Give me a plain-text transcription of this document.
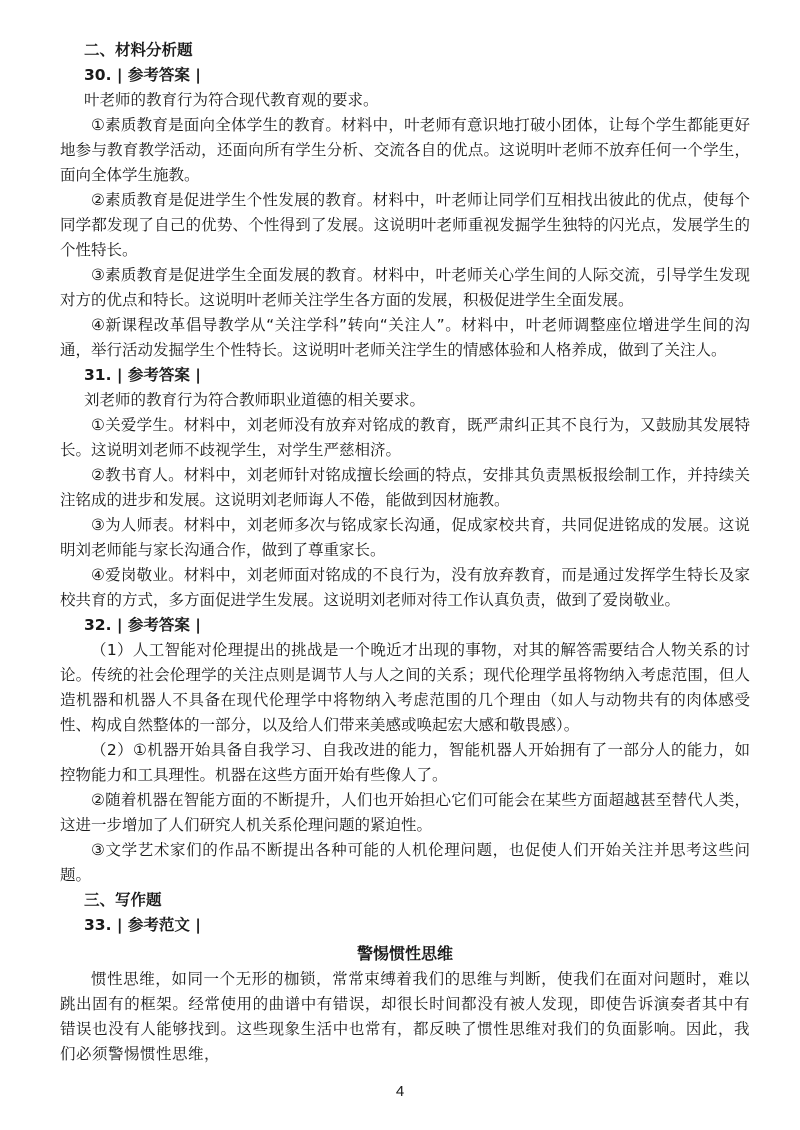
二、材料分析题

30. | 参考答案 |

叶老师的教育行为符合现代教育观的要求。

①素质教育是面向全体学生的教育。材料中，叶老师有意识地打破小团体，让每个学生都能更好地参与教育教学活动，还面向所有学生分析、交流各自的优点。这说明叶老师不放弃任何一个学生，面向全体学生施教。

②素质教育是促进学生个性发展的教育。材料中，叶老师让同学们互相找出彼此的优点，使每个同学都发现了自己的优势、个性得到了发展。这说明叶老师重视发掘学生独特的闪光点，发展学生的个性特长。

③素质教育是促进学生全面发展的教育。材料中，叶老师关心学生间的人际交流，引导学生发现对方的优点和特长。这说明叶老师关注学生各方面的发展，积极促进学生全面发展。

④新课程改革倡导教学从“关注学科”转向“关注人”。材料中，叶老师调整座位增进学生间的沟通，举行活动发掘学生个性特长。这说明叶老师关注学生的情感体验和人格养成，做到了关注人。

31. | 参考答案 |

刘老师的教育行为符合教师职业道德的相关要求。

①关爱学生。材料中，刘老师没有放弃对铭成的教育，既严肃纠正其不良行为，又鼓励其发展特长。这说明刘老师不歧视学生，对学生严慈相济。

②教书育人。材料中，刘老师针对铭成擅长绘画的特点，安排其负责黑板报绘制工作，并持续关注铭成的进步和发展。这说明刘老师诲人不倦，能做到因材施教。

③为人师表。材料中，刘老师多次与铭成家长沟通，促成家校共育，共同促进铭成的发展。这说明刘老师能与家长沟通合作，做到了尊重家长。

④爱岗敬业。材料中，刘老师面对铭成的不良行为，没有放弃教育，而是通过发挥学生特长及家校共育的方式，多方面促进学生发展。这说明刘老师对待工作认真负责，做到了爱岗敬业。

32. | 参考答案 |

（1）人工智能对伦理提出的挑战是一个晚近才出现的事物，对其的解答需要结合人物关系的讨论。传统的社会伦理学的关注点则是调节人与人之间的关系；现代伦理学虽将物纳入考虑范围，但人造机器和机器人不具备在现代伦理学中将物纳入考虑范围的几个理由（如人与动物共有的肉体感受性、构成自然整体的一部分，以及给人们带来美感或唤起宏大感和敬畏感）。

（2）①机器开始具备自我学习、自我改进的能力，智能机器人开始拥有了一部分人的能力，如控物能力和工具理性。机器在这些方面开始有些像人了。

②随着机器在智能方面的不断提升，人们也开始担心它们可能会在某些方面超越甚至替代人类，这进一步增加了人们研究人机关系伦理问题的紧迫性。

③文学艺术家们的作品不断提出各种可能的人机伦理问题，也促使人们开始关注并思考这些问题。

三、写作题

33. | 参考范文 |

警惕惯性思维

惯性思维，如同一个无形的枷锁，常常束缚着我们的思维与判断，使我们在面对问题时，难以跳出固有的框架。经常使用的曲谱中有错误，却很长时间都没有被人发现，即使告诉演奏者其中有错误也没有人能够找到。这些现象生活中也常有，都反映了惯性思维对我们的负面影响。因此，我们必须警惕惯性思维，

4
